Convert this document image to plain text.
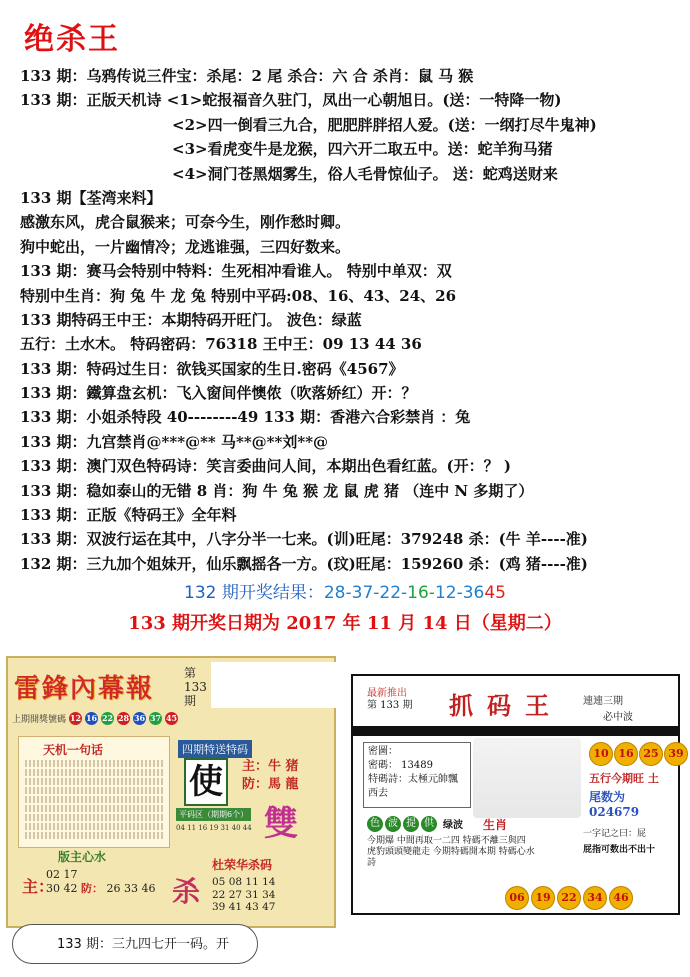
绝杀王
133 期：乌鸦传说三件宝：杀尾：2 尾 杀合：六 合 杀肖：鼠 马 猴
133 期：正版天机诗 <1>蛇报福音久驻门，凤出一心朝旭日。(送：一特降一物)
<2>四一倒看三九合，肥肥胖胖招人爱。(送：一纲打尽牛鬼神)
<3>看虎变牛是龙猴，四六开二取五中。送：蛇羊狗马猪
<4>洞门苍黑烟雾生，俗人毛骨惊仙子。 送：蛇鸡送财来
133 期【荃湾来料】
感激东风，虎合鼠猴来；可奈今生，刚作愁时卿。
狗中蛇出，一片幽情冷；龙逃谁强，三四好数来。
133 期：赛马会特别中特料：生死相冲看谁人。 特别中单双：双
特别中生肖：狗 兔 牛 龙 兔 特别中平码:08、16、43、24、26
133 期特码王中王：本期特码开旺门。 波色：绿蓝
五行：土水木。 特码密码：76318 王中王：09 13 44 36
133 期：特码过生日：欲钱买国家的生日.密码《4567》
133 期：鐵算盘玄机：飞入窗间伴懊侬（吹落娇红）开：？
133 期：小姐杀特段 40--------49 133 期：香港六合彩禁肖 ：兔
133 期：九宫禁肖@***@** 马**@**刘**@
133 期：澳门双色特码诗：笑言委曲问人间，本期出色看红蓝。(开：？ )
133 期：稳如泰山的无错 8 肖：狗 牛 兔 猴 龙 鼠 虎 猪 （连中 N 多期了）
133 期：正版《特码王》全年料
133 期：双波行运在其中，八字分半一七来。(训)旺尾：379248 杀：(牛 羊----准)
132 期：三九加个姐妹开，仙乐飘摇各一方。(玟)旺尾：159260 杀：(鸡 猪----准)
132 期开奖结果：28-37-22-16-12-3645
133 期开奖日期为 2017 年 11 月 14 日（星期二）
雷鋒內幕報
第 133 期
上期開獎號碼 12 16 22 28 36 37 45
天机一句话	四期特送特码
使	主：牛 猪
防：馬 龍
平码区（期期6个）
04 11 16 19 31 40 44 雙
版主心水
主：
02 17
30 42 防： 26 33 46
杜荣华杀码
杀	05 08 11 14
22 27 31 34
39 41 43 47
最新推出
第 133 期 抓码王 連連三期
必中波
密圖：
密碼： 13489
特碼詩：太極元帥飄西去
10 16 25 39
五行今期旺 土
尾数为 024679
色 波 提 供 绿波
今期爆 中間再取一二四 特碼不離三與四 虎豹頭頭變龍走 今期特碼開本期 特碼心水詩
生肖
一字记之曰：屁
屁指可数出不出十
06 19 22 34 46
133 期：三九四七开一码。开
